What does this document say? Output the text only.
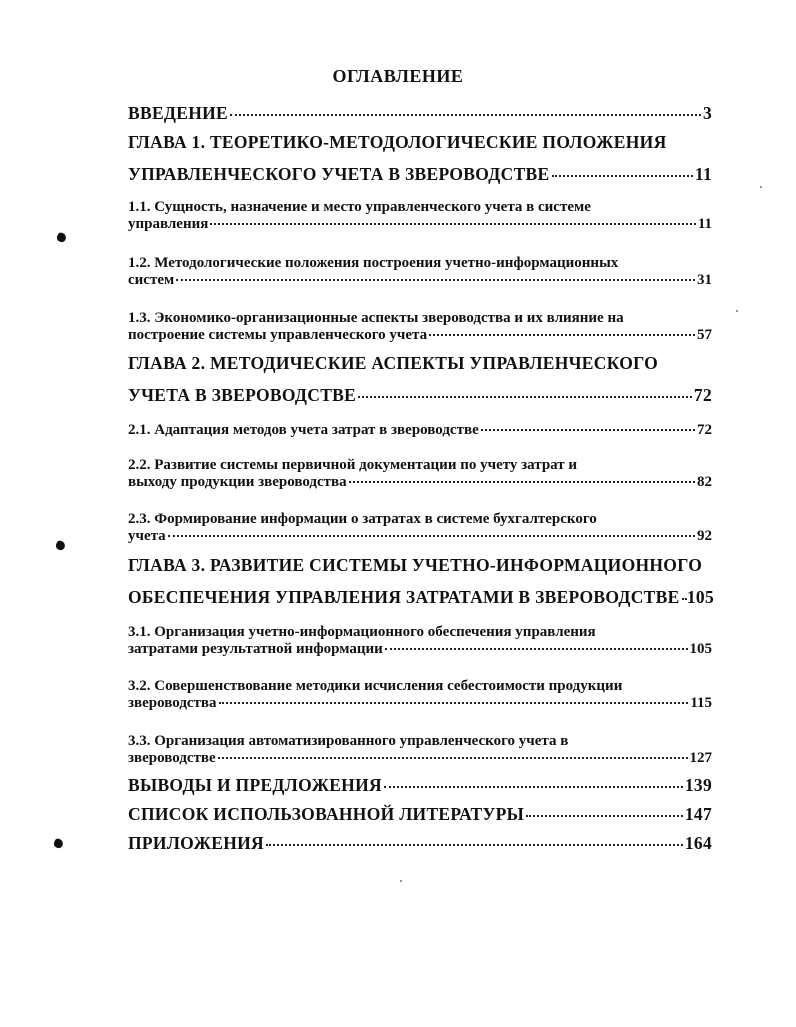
ОГЛАВЛЕНИЕ
ВВЕДЕНИЕ	3
ГЛАВА 1. ТЕОРЕТИКО-МЕТОДОЛОГИЧЕСКИЕ ПОЛОЖЕНИЯ
УПРАВЛЕНЧЕСКОГО УЧЕТА В ЗВЕРОВОДСТВЕ	11
1.1. Сущность, назначение и место управленческого учета в системе
управления	11
1.2. Методологические положения построения учетно-информационных
систем	31
1.3. Экономико-организационные аспекты звероводства и их влияние на
построение системы управленческого учета	57
ГЛАВА 2. МЕТОДИЧЕСКИЕ АСПЕКТЫ УПРАВЛЕНЧЕСКОГО
УЧЕТА В ЗВЕРОВОДСТВЕ	72
2.1. Адаптация методов учета затрат в звероводстве	72
2.2. Развитие системы первичной документации по учету затрат и
выходу продукции звероводства	82
2.3. Формирование информации о затратах в системе бухгалтерского
учета	92
ГЛАВА 3. РАЗВИТИЕ СИСТЕМЫ УЧЕТНО-ИНФОРМАЦИОННОГО
ОБЕСПЕЧЕНИЯ УПРАВЛЕНИЯ ЗАТРАТАМИ В ЗВЕРОВОДСТВЕ 105
3.1. Организация учетно-информационного обеспечения управления
затратами результатной информации	105
3.2. Совершенствование методики исчисления себестоимости продукции
звероводства	115
3.3. Организация автоматизированного управленческого учета в
звероводстве	127
ВЫВОДЫ И ПРЕДЛОЖЕНИЯ	139
СПИСОК ИСПОЛЬЗОВАННОЙ ЛИТЕРАТУРЫ	147
ПРИЛОЖЕНИЯ	164
